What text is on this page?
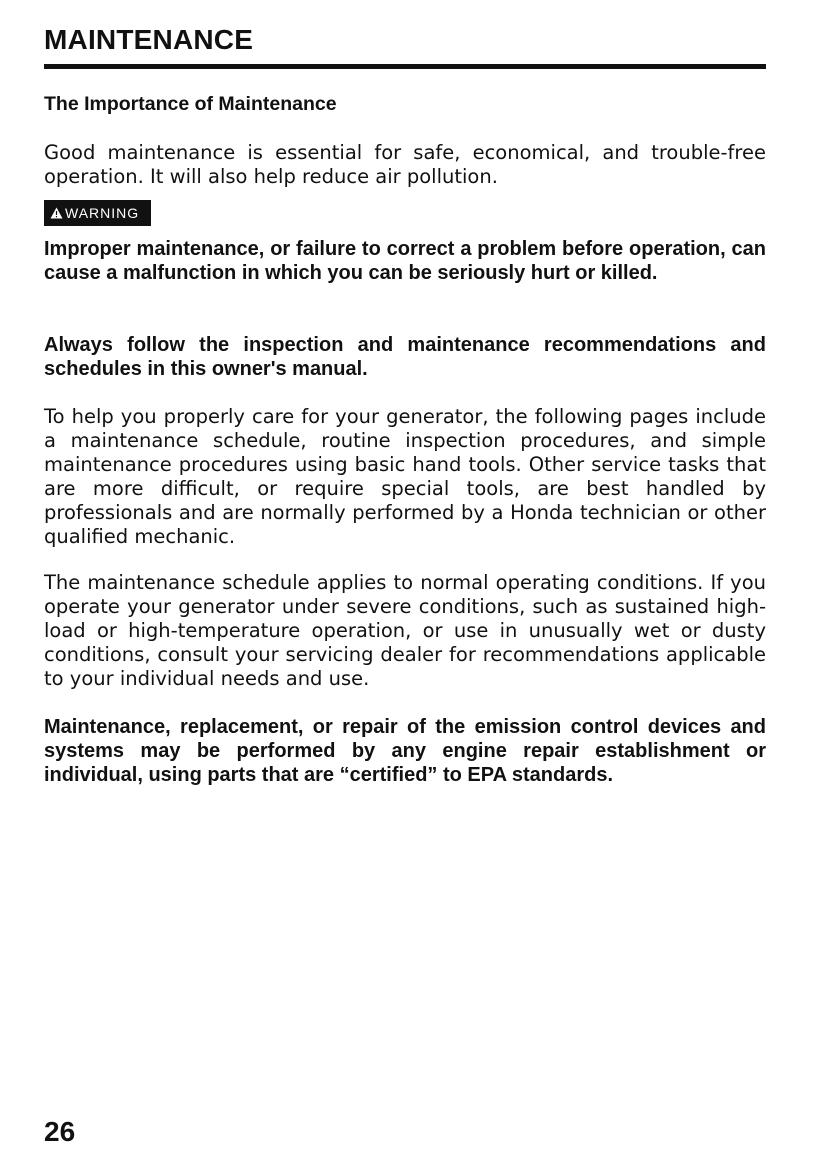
MAINTENANCE
The Importance of Maintenance

Good maintenance is essential for safe, economical, and trouble-free operation. It will also help reduce air pollution.

WARNING

Improper maintenance, or failure to correct a problem before operation, can cause a malfunction in which you can be seriously hurt or killed.

Always follow the inspection and maintenance recommendations and schedules in this owner's manual.

To help you properly care for your generator, the following pages include a maintenance schedule, routine inspection procedures, and simple maintenance procedures using basic hand tools. Other service tasks that are more difficult, or require special tools, are best handled by professionals and are normally performed by a Honda technician or other qualified mechanic.

The maintenance schedule applies to normal operating conditions. If you operate your generator under severe conditions, such as sustained high-load or high-temperature operation, or use in unusually wet or dusty conditions, consult your servicing dealer for recommendations applicable to your individual needs and use.

Maintenance, replacement, or repair of the emission control devices and systems may be performed by any engine repair establishment or individual, using parts that are “certified” to EPA standards.

26
